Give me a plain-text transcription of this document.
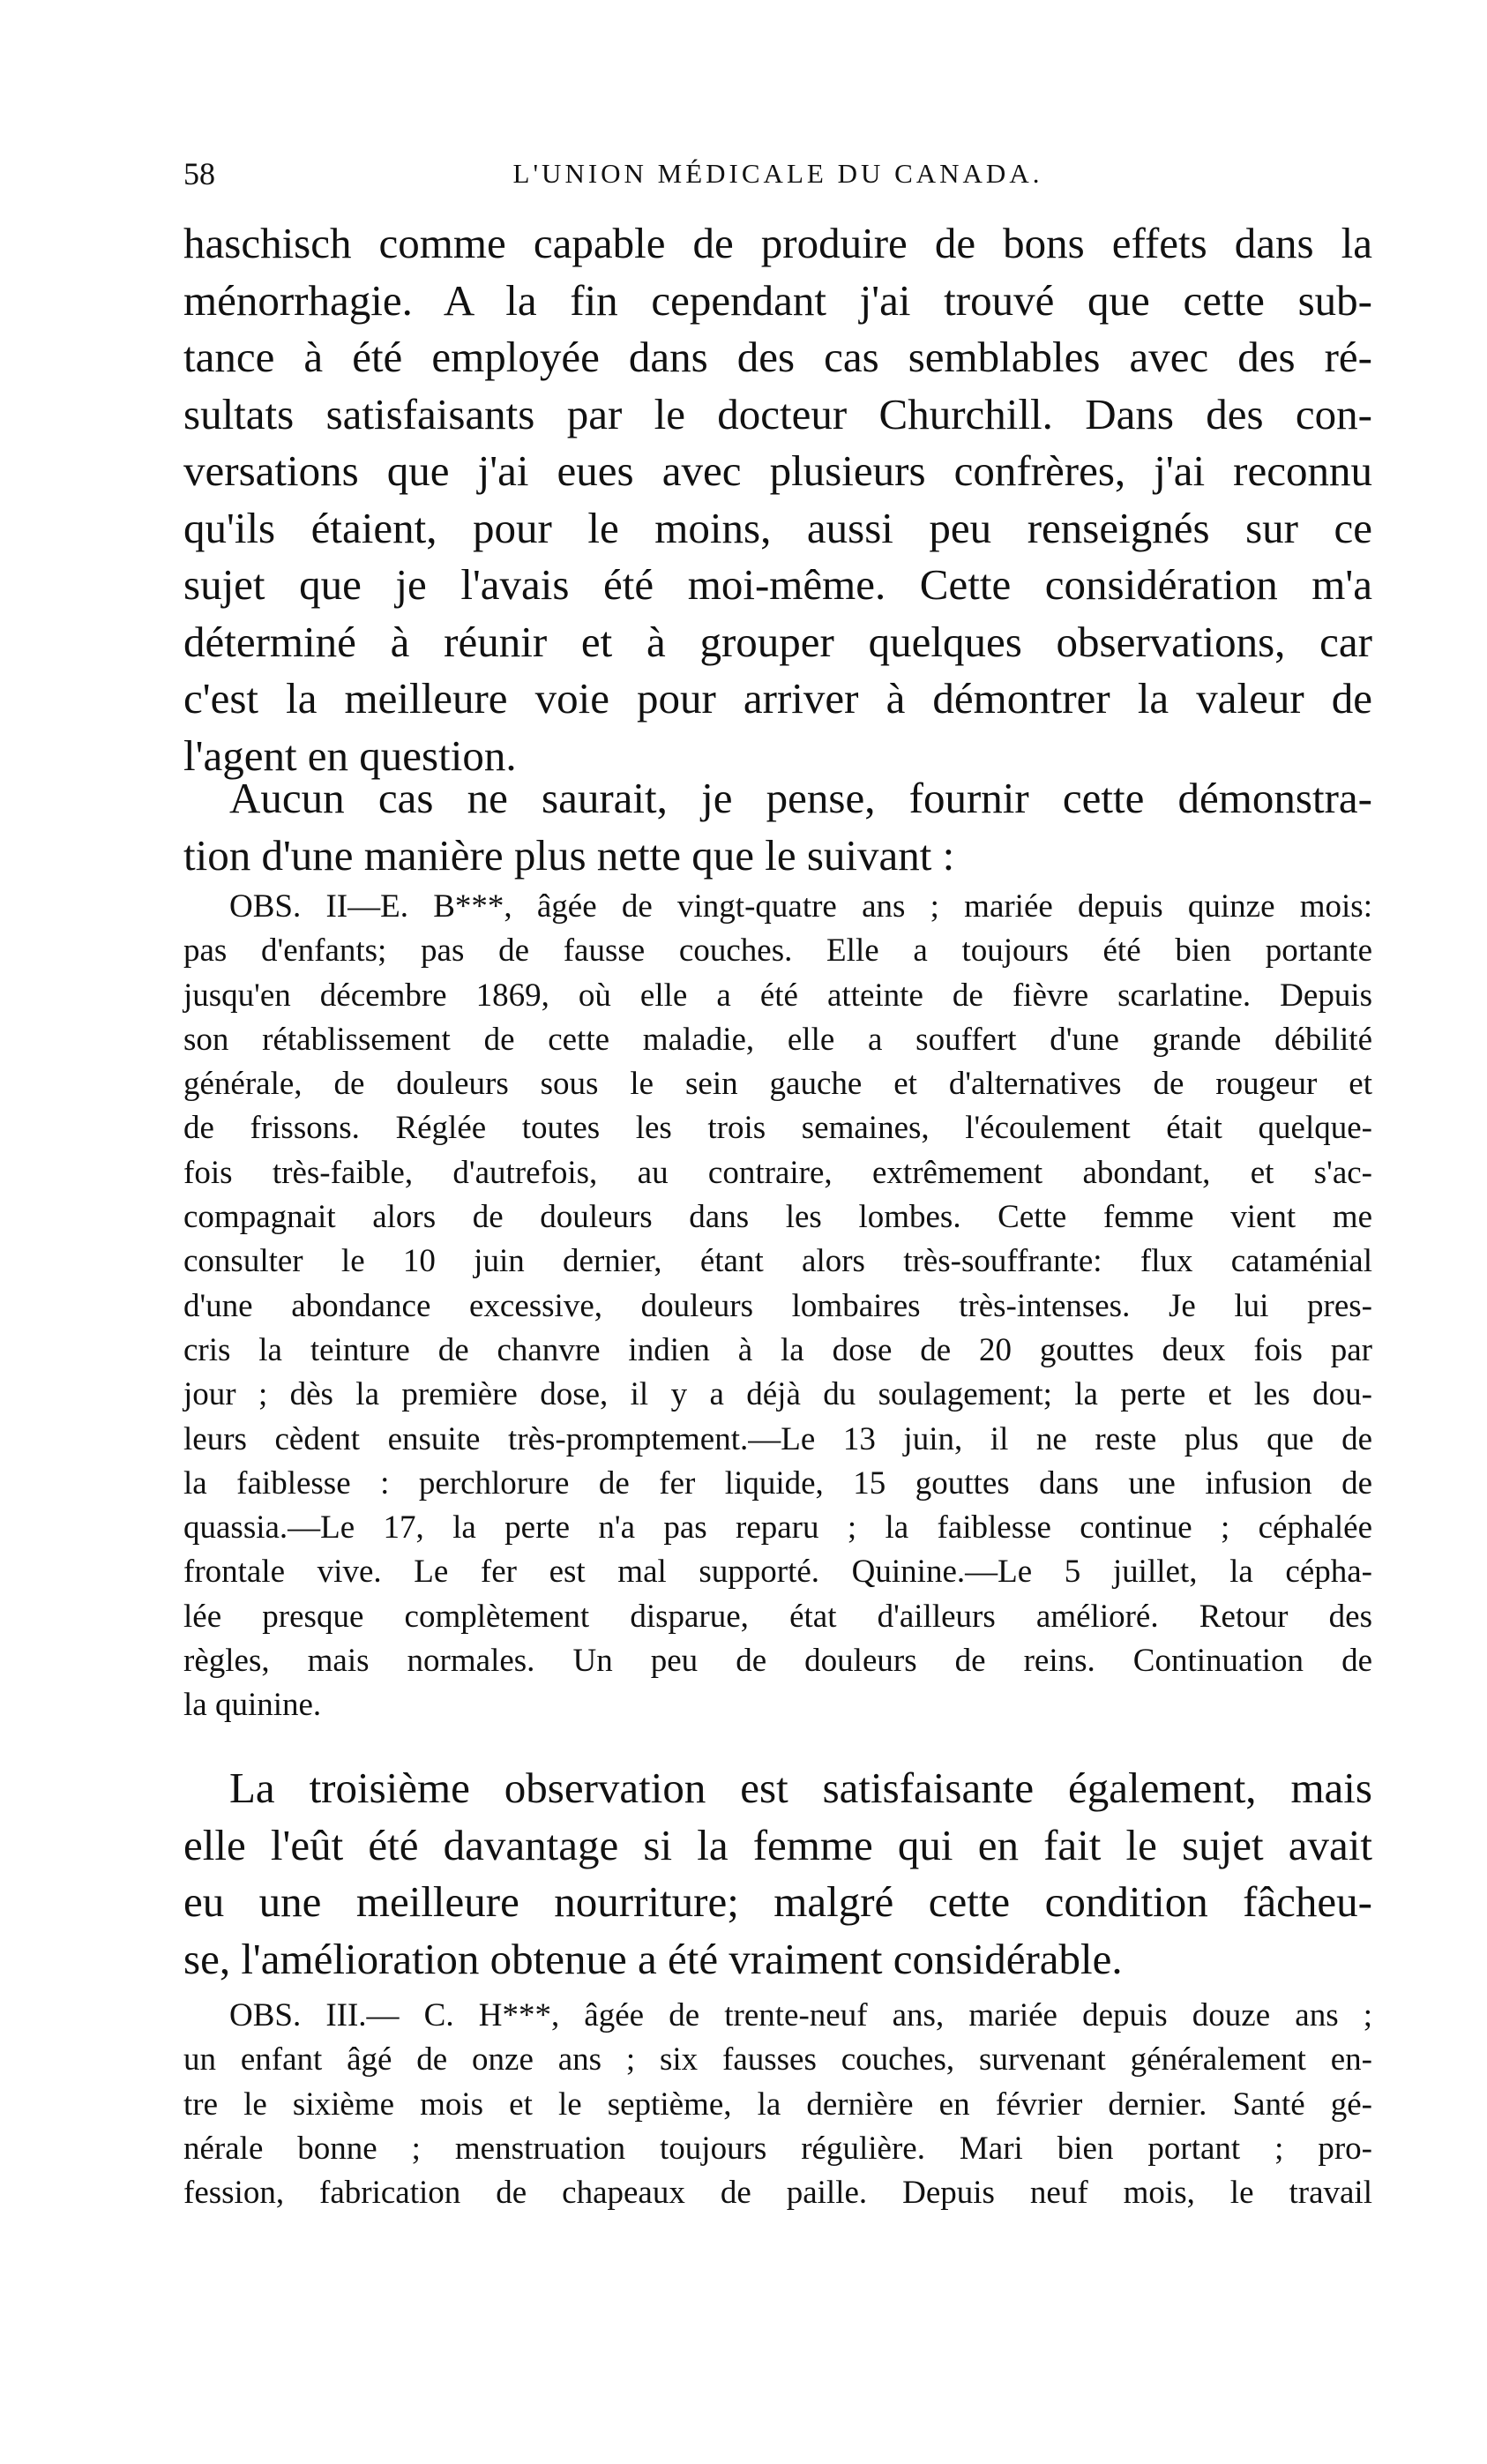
58	L'UNION MÉDICALE DU CANADA.
haschisch comme capable de produire de bons effets dans la
ménorrhagie. A la fin cependant j'ai trouvé que cette sub-
tance à été employée dans des cas semblables avec des ré-
sultats satisfaisants par le docteur Churchill. Dans des con-
versations que j'ai eues avec plusieurs confrères, j'ai reconnu
qu'ils étaient, pour le moins, aussi peu renseignés sur ce
sujet que je l'avais été moi-même. Cette considération m'a
déterminé à réunir et à grouper quelques observations, car
c'est la meilleure voie pour arriver à démontrer la valeur de
l'agent en question.
Aucun cas ne saurait, je pense, fournir cette démonstra-
tion d'une manière plus nette que le suivant :
OBS. II—E. B***, âgée de vingt-quatre ans ; mariée depuis quinze mois:
pas d'enfants; pas de fausse couches. Elle a toujours été bien portante
jusqu'en décembre 1869, où elle a été atteinte de fièvre scarlatine. Depuis
son rétablissement de cette maladie, elle a souffert d'une grande débilité
générale, de douleurs sous le sein gauche et d'alternatives de rougeur et
de frissons. Réglée toutes les trois semaines, l'écoulement était quelque-
fois très-faible, d'autrefois, au contraire, extrêmement abondant, et s'ac-
compagnait alors de douleurs dans les lombes. Cette femme vient me
consulter le 10 juin dernier, étant alors très-souffrante: flux cataménial
d'une abondance excessive, douleurs lombaires très-intenses. Je lui pres-
cris la teinture de chanvre indien à la dose de 20 gouttes deux fois par
jour ; dès la première dose, il y a déjà du soulagement; la perte et les dou-
leurs cèdent ensuite très-promptement.—Le 13 juin, il ne reste plus que de
la faiblesse : perchlorure de fer liquide, 15 gouttes dans une infusion de
quassia.—Le 17, la perte n'a pas reparu ; la faiblesse continue ; céphalée
frontale vive. Le fer est mal supporté. Quinine.—Le 5 juillet, la cépha-
lée presque complètement disparue, état d'ailleurs amélioré. Retour des
règles, mais normales. Un peu de douleurs de reins. Continuation de
la quinine.
La troisième observation est satisfaisante également, mais
elle l'eût été davantage si la femme qui en fait le sujet avait
eu une meilleure nourriture; malgré cette condition fâcheu-
se, l'amélioration obtenue a été vraiment considérable.
OBS. III.— C. H***, âgée de trente-neuf ans, mariée depuis douze ans ;
un enfant âgé de onze ans ; six fausses couches, survenant généralement en-
tre le sixième mois et le septième, la dernière en février dernier. Santé gé-
nérale bonne ; menstruation toujours régulière. Mari bien portant ; pro-
fession, fabrication de chapeaux de paille. Depuis neuf mois, le travail
